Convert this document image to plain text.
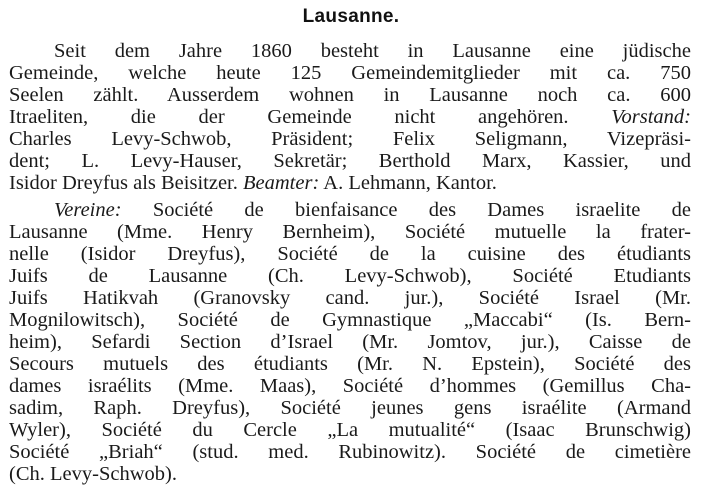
Lausanne.
Seit dem Jahre 1860 besteht in Lausanne eine jüdische
Gemeinde, welche heute 125 Gemeindemitglieder mit ca. 750
Seelen zählt. Ausserdem wohnen in Lausanne noch ca. 600
Itraeliten, die der Gemeinde nicht angehören. Vorstand:
Charles Levy-Schwob, Präsident; Felix Seligmann, Vizepräsi-
dent; L. Levy-Hauser, Sekretär; Berthold Marx, Kassier, und
Isidor Dreyfus als Beisitzer. Beamter: A. Lehmann, Kantor.
Vereine: Société de bienfaisance des Dames israelite de
Lausanne (Mme. Henry Bernheim), Société mutuelle la frater-
nelle (Isidor Dreyfus), Société de la cuisine des étudiants
Juifs de Lausanne (Ch. Levy-Schwob), Société Etudiants
Juifs Hatikvah (Granovsky cand. jur.), Société Israel (Mr.
Mognilowitsch), Société de Gymnastique „Maccabi“ (Is. Bern-
heim), Sefardi Section d’Israel (Mr. Jomtov, jur.), Caisse de
Secours mutuels des étudiants (Mr. N. Epstein), Société des
dames israélits (Mme. Maas), Société d’hommes (Gemillus Cha-
sadim, Raph. Dreyfus), Société jeunes gens israélite (Armand
Wyler), Société du Cercle „La mutualité“ (Isaac Brunschwig)
Société „Briah“ (stud. med. Rubinowitz). Société de cimetière
(Ch. Levy-Schwob).
